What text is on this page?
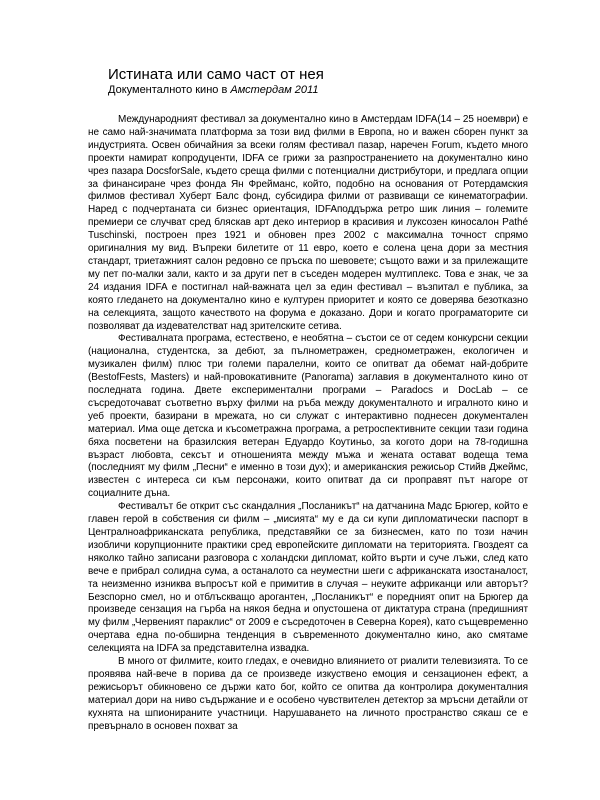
Истината или само част от нея
Документалното кино в Амстердам 2011

Международният фестивал за документално кино в Амстердам IDFA(14 – 25 ноември) е не само най-значимата платформа за този вид филми в Европа, но и важен сборен пункт за индустрията. Освен обичайния за всеки голям фестивал пазар, наречен Forum, където много проекти намират копродуценти, IDFA се грижи за разпространението на документално кино чрез пазара DocsforSale, където среща филми с потенциални дистрибутори, и предлага опции за финансиране чрез фонда Ян Фрейманс, който, подобно на основания от Ротердамския филмов фестивал Хуберт Балс фонд, субсидира филми от развиващи се кинематографии. Наред с подчертаната си бизнес ориентация, IDFAподдържа ретро шик линия – големите премиери се случват сред бляскав арт деко интериор в красивия и луксозен киносалон Pathé Tuschinski, построен през 1921 и обновен през 2002 с максимална точност спрямо оригиналния му вид. Въпреки билетите от 11 евро, което е солена цена дори за местния стандарт, триетажният салон редовно се пръска по шевовете; същото важи и за прилежащите му пет по-малки зали, както и за други пет в съседен модерен мултиплекс. Това е знак, че за 24 издания IDFA е постигнал най-важната цел за един фестивал – възпитал е публика, за която гледането на документално кино е културен приоритет и която се доверява безотказно на селекцията, защото качеството на форума е доказано. Дори и когато програматорите си позволяват да издевателстват над зрителските сетива.

Фестивалната програма, естествено, е необятна – състои се от седем конкурсни секции (национална, студентска, за дебют, за пълнометражен, среднометражен, екологичен и музикален филм) плюс три големи паралелни, които се опитват да обемат най-добрите (BestofFests, Masters) и най-провокативните (Panorama) заглавия в документалното кино от последната година. Двете експериментални програми – Paradocs и DocLab – се съсредоточават съответно върху филми на ръба между документалното и игралното кино и уеб проекти, базирани в мрежата, но си служат с интерактивно поднесен документален материал. Има още детска и късометражна програма, а ретроспективните секции тази година бяха посветени на бразилския ветеран Едуардо Коутиньо, за когото дори на 78-годишна възраст любовта, сексът и отношенията между мъжа и жената остават водеща тема (последният му филм „Песни“ е именно в този дух); и американския режисьор Стийв Джеймс, известен с интереса си към персонажи, които опитват да си проправят път нагоре от социалните дъна.

Фестивалът бе открит със скандалния „Посланикът“ на датчанина Мадс Брюгер, който е главен герой в собствения си филм – „мисията“ му е да си купи дипломатически паспорт в Централноафриканската република, представяйки се за бизнесмен, като по този начин изобличи корупционните практики сред европейските дипломати на територията. Гвоздеят са няколко тайно записани разговора с холандски дипломат, който върти и суче лъжи, след като вече е прибрал солидна сума, а останалото са неуместни шеги с африканската изостаналост, та неизменно изниква въпросът кой е примитив в случая – неуките африканци или авторът? Безспорно смел, но и отблъскващо арогантен, „Посланикът“ е поредният опит на Брюгер да произведе сензация на гърба на някоя бедна и опустошена от диктатура страна (предишният му филм „Червеният параклис“ от 2009 е съсредоточен в Северна Корея), като същевременно очертава една по-обширна тенденция в съвременното документално кино, ако смятаме селекцията на IDFA за представителна извадка.

В много от филмите, които гледах, е очевидно влиянието от риалити телевизията. То се проявява най-вече в порива да се произведе изкуствено емоция и сензационен ефект, а режисьорът обикновено се държи като бог, който се опитва да контролира документалния материал дори на ниво съдържание и е особено чувствителен детектор за мръсни детайли от кухнята на шпионираните участници. Нарушаването на личното пространство сякаш се е превърнало в основен похват за
